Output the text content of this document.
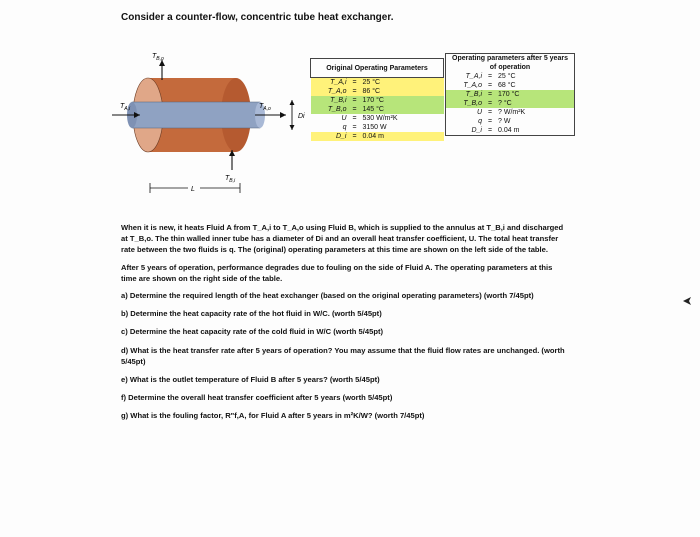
Consider a counter-flow, concentric tube heat exchanger.
$T_{B,o}$
$T_{A,i}$	$T_{A,o}$
$T_{B,i}$
Di
L
Original Operating Parameters		
T_A,i	=	25 °C
T_A,o	=	86 °C
T_B,i	=	170 °C
T_B,o	=	145 °C
U	=	530 W/m²K
q	=	3150 W
D_i	=	0.04 m
Operating parameters after 5 years of operation		
T_A,i	=	25 °C
T_A,o	=	68 °C
T_B,i	=	170 °C
T_B,o	=	? °C
U	=	? W/m²K
q	=	? W
D_i	=	0.04 m

When it is new, it heats Fluid A from T_A,i to T_A,o using Fluid B, which is supplied to the annulus at T_B,i and discharged at T_B,o. The thin walled inner tube has a diameter of Di and an overall heat transfer coefficient, U. The total heat transfer rate between the two fluids is q. The (original) operating parameters at this time are shown on the left side of the table.

After 5 years of operation, performance degrades due to fouling on the side of Fluid A. The operating parameters at this time are shown on the right side of the table.

a) Determine the required length of the heat exchanger (based on the original operating parameters) (worth 7/45pt)
b) Determine the heat capacity rate of the hot fluid in W/C. (worth 5/45pt)
c) Determine the heat capacity rate of the cold fluid in W/C (worth 5/45pt)
d) What is the heat transfer rate after 5 years of operation? You may assume that the fluid flow rates are unchanged. (worth 5/45pt)
e) What is the outlet temperature of Fluid B after 5 years? (worth 5/45pt)
f) Determine the overall heat transfer coefficient after 5 years (worth 5/45pt)
g) What is the fouling factor, R"f,A, for Fluid A after 5 years in m²K/W? (worth 7/45pt)
